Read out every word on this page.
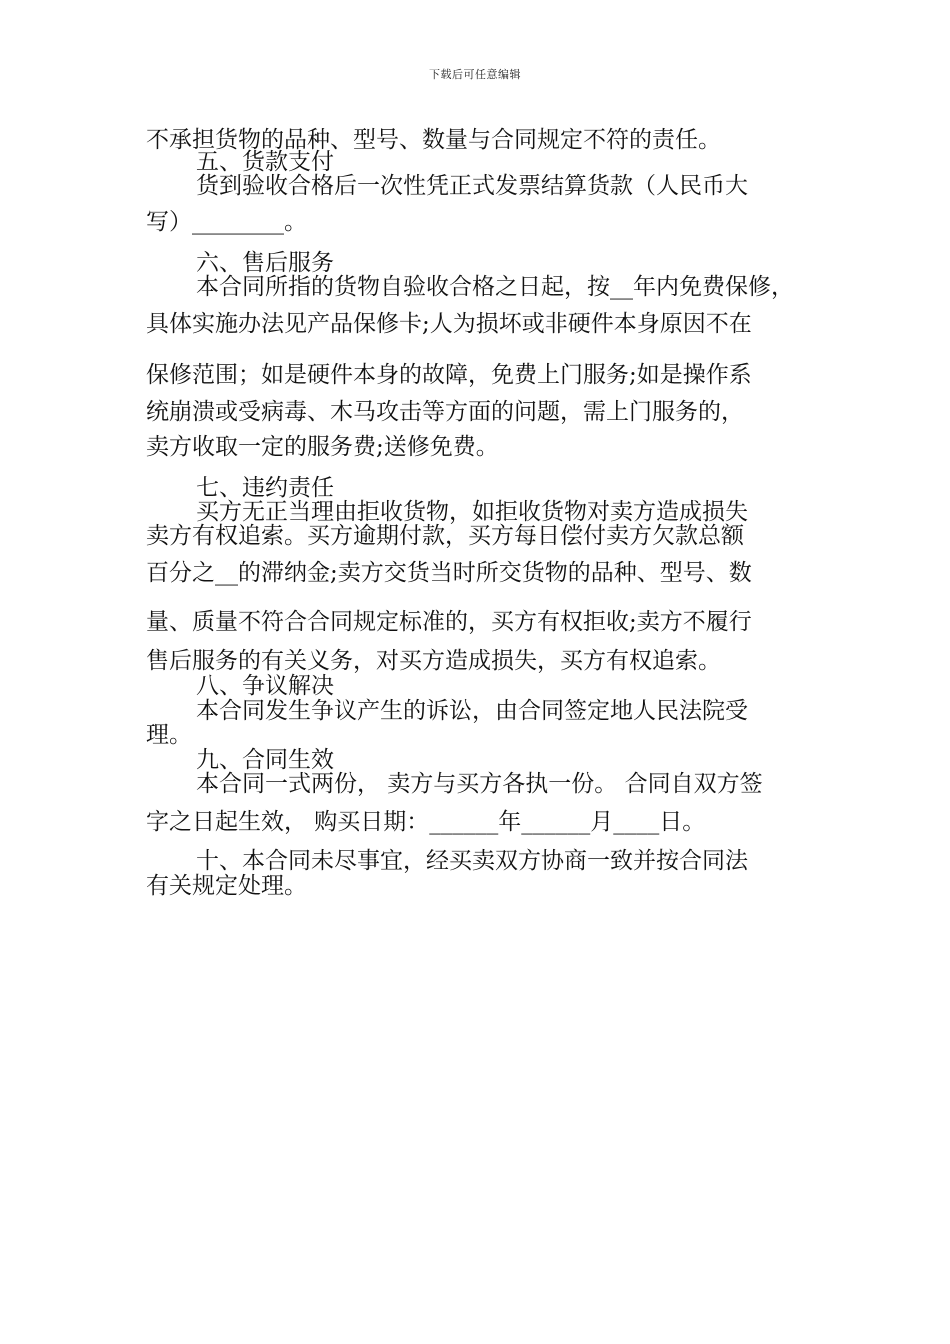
下载后可任意编辑
不承担货物的品种、型号、数量与合同规定不符的责任。
五、货款支付
货到验收合格后一次性凭正式发票结算货款（人民币大
写）________。
六、售后服务
本合同所指的货物自验收合格之日起，按__年内免费保修，
具体实施办法见产品保修卡;人为损坏或非硬件本身原因不在
保修范围；如是硬件本身的故障，免费上门服务;如是操作系
统崩溃或受病毒、木马攻击等方面的问题，需上门服务的，
卖方收取一定的服务费;送修免费。
七、违约责任
买方无正当理由拒收货物，如拒收货物对卖方造成损失
卖方有权追索。买方逾期付款，买方每日偿付卖方欠款总额
百分之__的滞纳金;卖方交货当时所交货物的品种、型号、数
量、质量不符合合同规定标准的，买方有权拒收;卖方不履行
售后服务的有关义务，对买方造成损失，买方有权追索。
八、争议解决
本合同发生争议产生的诉讼，由合同签定地人民法院受
理。
九、合同生效
本合同一式两份， 卖方与买方各执一份。 合同自双方签
字之日起生效， 购买日期：______年______月____日。
十、本合同未尽事宜，经买卖双方协商一致并按合同法
有关规定处理。
